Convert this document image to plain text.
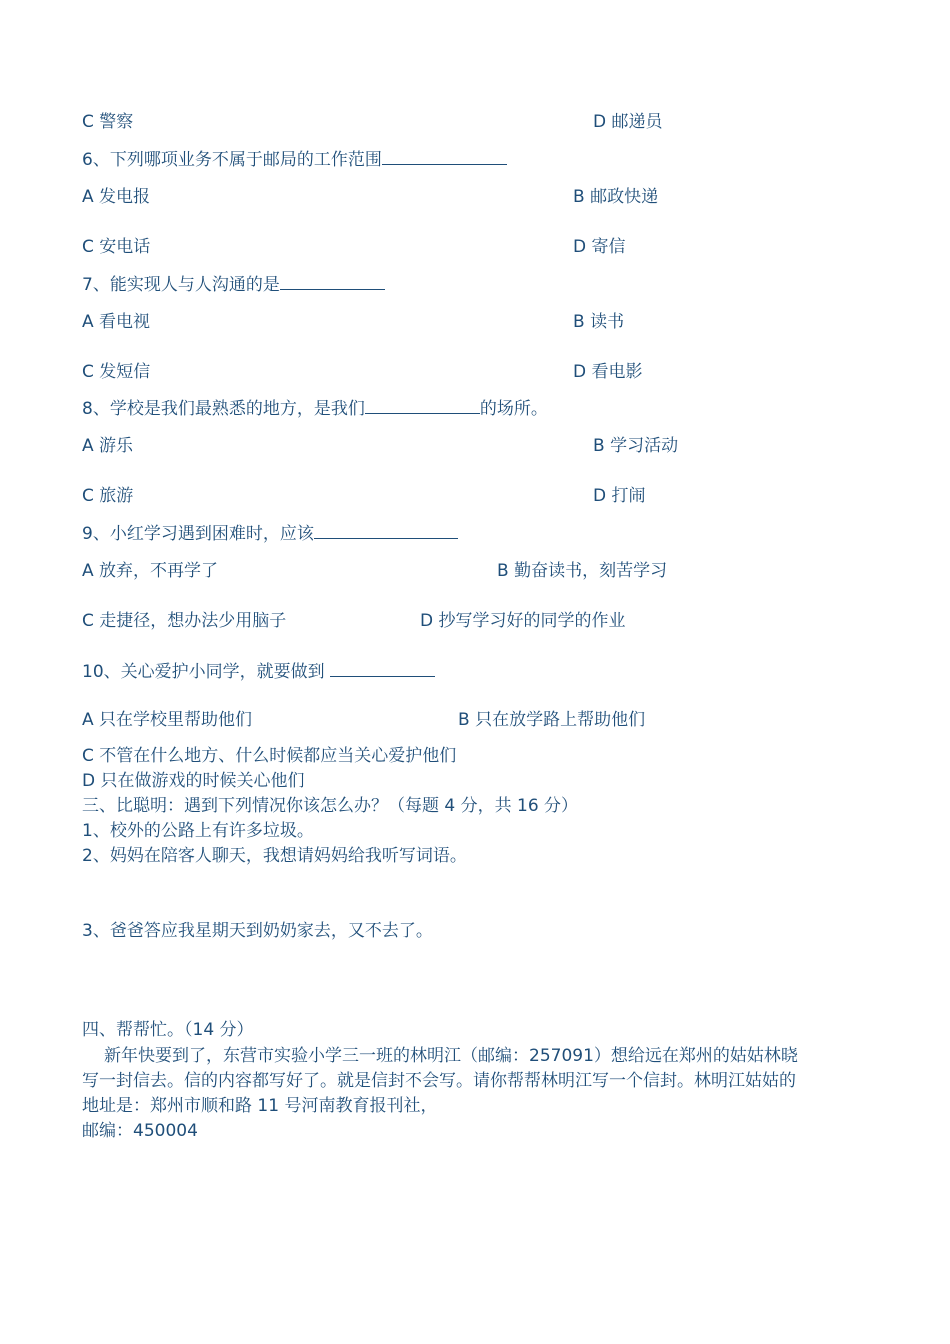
C 警察	D 邮递员
6、下列哪项业务不属于邮局的工作范围
A 发电报	B 邮政快递
C 安电话	D 寄信
7、能实现人与人沟通的是
A 看电视	B 读书
C 发短信	D 看电影
8、学校是我们最熟悉的地方，是我们	的场所。
A 游乐	B 学习活动
C 旅游	D 打闹
9、小红学习遇到困难时，应该
A 放弃，不再学了	B 勤奋读书，刻苦学习
C 走捷径，想办法少用脑子	D 抄写学习好的同学的作业
10、关心爱护小同学，就要做到
A 只在学校里帮助他们	B 只在放学路上帮助他们
C 不管在什么地方、什么时候都应当关心爱护他们
D 只在做游戏的时候关心他们
三、比聪明：遇到下列情况你该怎么办？（每题 4 分，共 16 分）
1、校外的公路上有许多垃圾。
2、妈妈在陪客人聊天，我想请妈妈给我听写词语。
3、爸爸答应我星期天到奶奶家去，又不去了。
四、帮帮忙。（14 分）
新年快要到了，东营市实验小学三一班的林明江（邮编：257091）想给远在郑州的姑姑林晓
写一封信去。信的内容都写好了。就是信封不会写。请你帮帮林明江写一个信封。林明江姑姑的
地址是：郑州市顺和路 11 号河南教育报刊社，
邮编：450004
